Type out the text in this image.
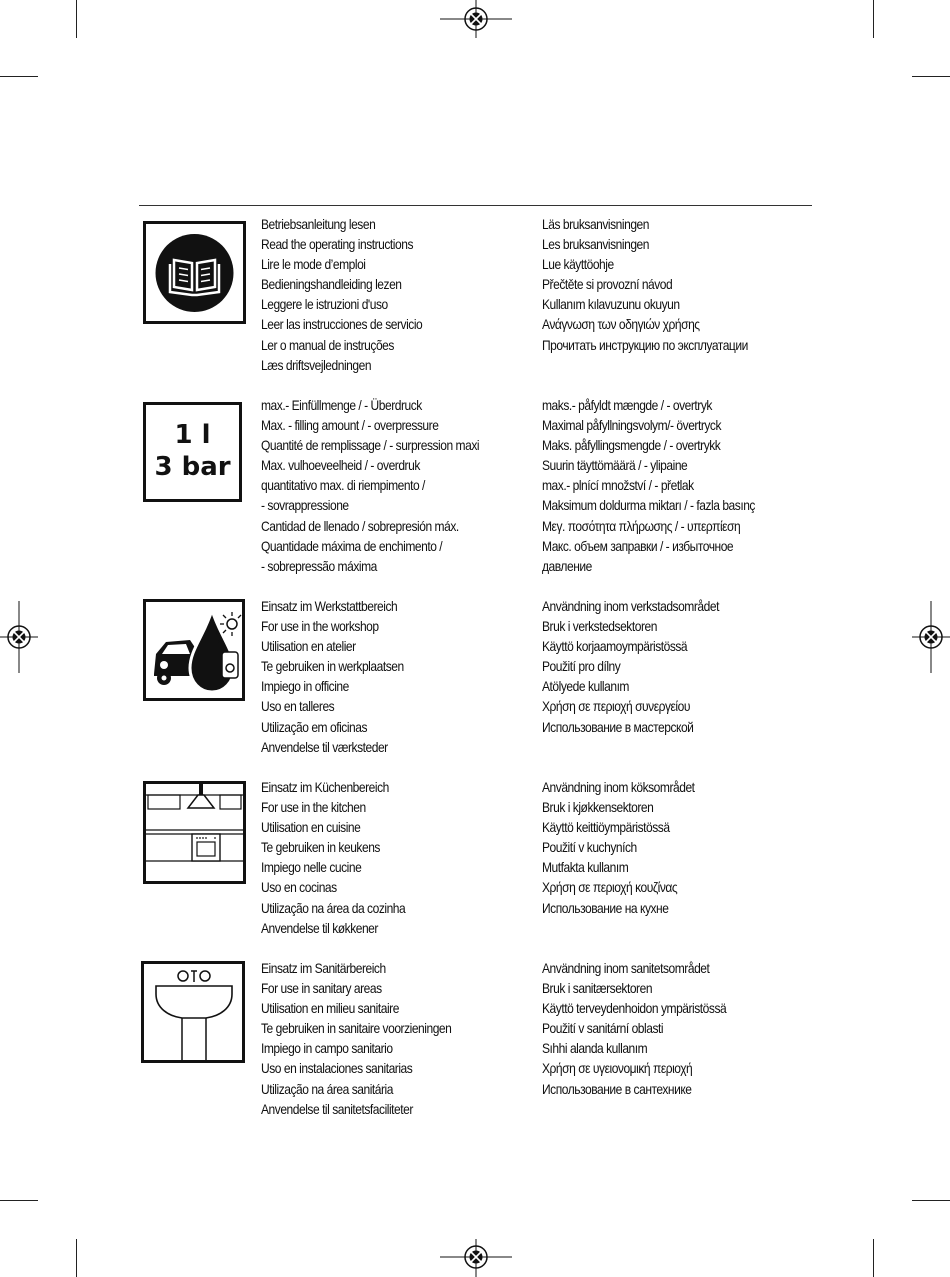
Betriebsanleitung lesen
Read the operating instructions
Lire le mode d’emploi
Bedieningshandleiding lezen
Leggere le istruzioni d'uso
Leer las instrucciones de servicio
Ler o manual de instruções
Læs driftsvejledningen
Läs bruksanvisningen
Les bruksanvisningen
Lue käyttöohje
Přečtěte si provozní návod
Kullanım kılavuzunu okuyun
Ανάγνωση των οδηγιών χρήσης
Прочитать инструкцию по эксплуатации
1 l
3 bar
max.- Einfüllmenge / - Überdruck
Max. - filling amount / - overpressure
Quantité de remplissage / - surpression maxi
Max. vulhoeveelheid / - overdruk
quantitativo max. di riempimento /
- sovrappressione
Cantidad de llenado / sobrepresión máx.
Quantidade máxima de enchimento /
- sobrepressão máxima
maks.- påfyldt mængde / - overtryk
Maximal påfyllningsvolym/- övertryck
Maks. påfyllingsmengde / - overtrykk
Suurin täyttömäärä / - ylipaine
max.- plnící množství / - přetlak
Maksimum doldurma miktarı / - fazla basınç
Μεγ. ποσότητα πλήρωσης / - υπερπίεση
Макс. объем заправки / - избыточное
давление
Einsatz im Werkstattbereich
For use in the workshop
Utilisation en atelier
Te gebruiken in werkplaatsen
Impiego in officine
Uso en talleres
Utilização em oficinas
Anvendelse til værksteder
Användning inom verkstadsområdet
Bruk i verkstedsektoren
Käyttö korjaamoympäristössä
Použití pro dílny
Atölyede kullanım
Χρήση σε περιοχή συνεργείου
Использование в мастерской
Einsatz im Küchenbereich
For use in the kitchen
Utilisation en cuisine
Te gebruiken in keukens
Impiego nelle cucine
Uso en cocinas
Utilização na área da cozinha
Anvendelse til køkkener
Användning inom köksområdet
Bruk i kjøkkensektoren
Käyttö keittiöympäristössä
Použití v kuchyních
Mutfakta kullanım
Χρήση σε περιοχή κουζίνας
Использование на кухне
Einsatz im Sanitärbereich
For use in sanitary areas
Utilisation en milieu sanitaire
Te gebruiken in sanitaire voorzieningen
Impiego in campo sanitario
Uso en instalaciones sanitarias
Utilização na área sanitária
Anvendelse til sanitetsfaciliteter
Användning inom sanitetsområdet
Bruk i sanitærsektoren
Käyttö terveydenhoidon ympäristössä
Použití v sanitární oblasti
Sıhhi alanda kullanım
Χρήση σε υγειονομική περιοχή
Использование в сантехнике
